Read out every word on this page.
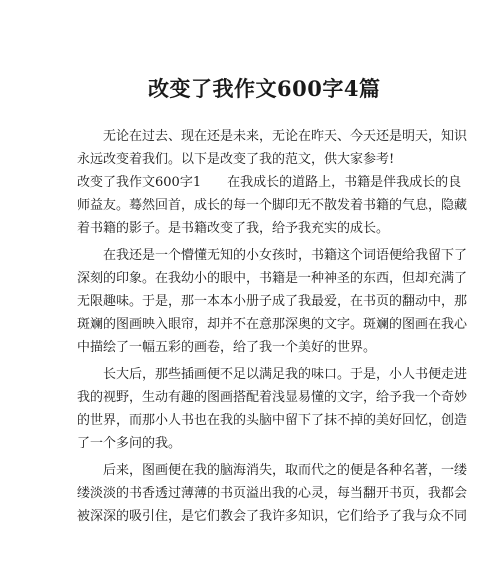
改变了我作文600字4篇

无论在过去、现在还是未来，无论在昨天、今天还是明天，知识
永远改变着我们。以下是改变了我的范文，供大家参考!

改变了我作文600字1　　在我成长的道路上，书籍是伴我成长的良
师益友。蓦然回首，成长的每一个脚印无不散发着书籍的气息，隐藏
着书籍的影子。是书籍改变了我，给予我充实的成长。

在我还是一个懵懂无知的小女孩时，书籍这个词语便给我留下了
深刻的印象。在我幼小的眼中，书籍是一种神圣的东西，但却充满了
无限趣味。于是，那一本本小册子成了我最爱，在书页的翻动中，那
斑斓的图画映入眼帘，却并不在意那深奥的文字。斑斓的图画在我心
中描绘了一幅五彩的画卷，给了我一个美好的世界。

长大后，那些插画便不足以满足我的味口。于是，小人书便走进
我的视野，生动有趣的图画搭配着浅显易懂的文字，给予我一个奇妙
的世界，而那小人书也在我的头脑中留下了抹不掉的美好回忆，创造
了一个多问的我。

后来，图画便在我的脑海消失，取而代之的便是各种名著，一缕
缕淡淡的书香透过薄薄的书页溢出我的心灵，每当翻开书页，我都会
被深深的吸引住，是它们教会了我许多知识，它们给予了我与众不同
